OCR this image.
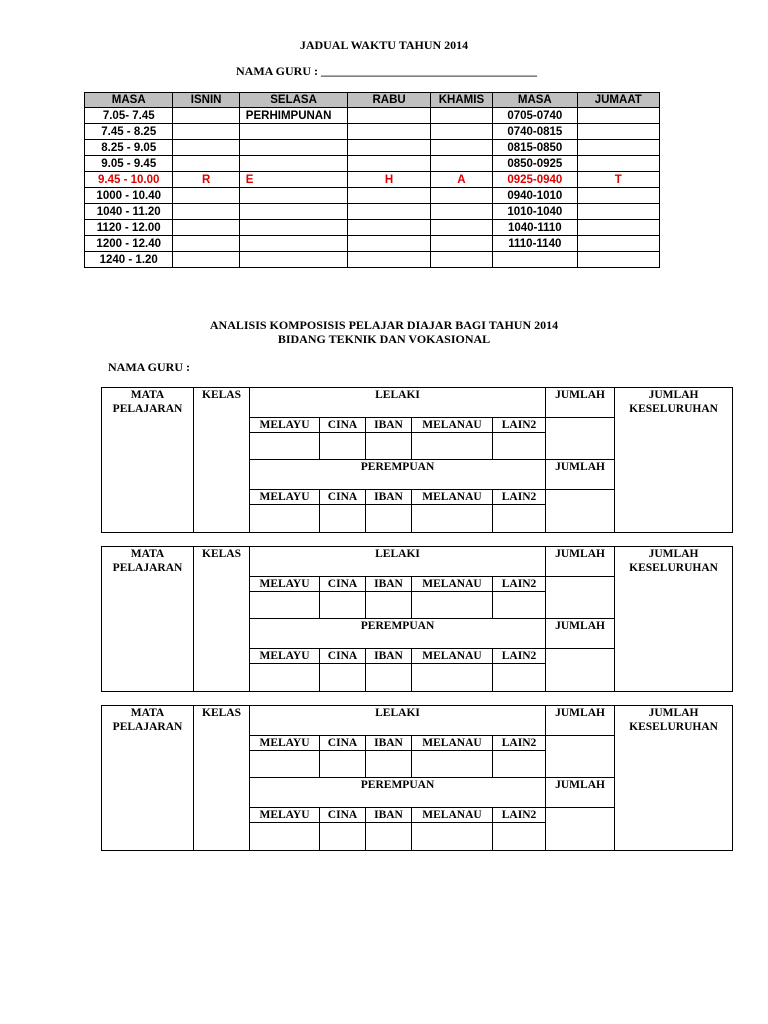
JADUAL WAKTU TAHUN 2014
NAMA GURU : ____________________________________
MASA	ISNIN	SELASA	RABU	KHAMIS	MASA	JUMAAT
7.05- 7.45		PERHIMPUNAN			0705-0740	
7.45 - 8.25					0740-0815	
8.25 - 9.05					0815-0850	
9.05 - 9.45					0850-0925	
9.45 - 10.00	R	E	H	A	0925-0940	T
1000 - 10.40					0940-1010	
1040 - 11.20					1010-1040	
1120 - 12.00					1040-1110	
1200 - 12.40					1110-1140	
1240 - 1.20						
ANALISIS KOMPOSISIS PELAJAR DIAJAR BAGI TAHUN 2014
BIDANG TEKNIK DAN VOKASIONAL
NAMA GURU :
MATA
PELAJARAN	KELAS	LELAKI					JUMLAH	JUMLAH
KESELURUHAN
		MELAYU	CINA	IBAN	MELANAU	LAIN2		

		PEREMPUAN					JUMLAH	
		MELAYU	CINA	IBAN	MELANAU	LAIN2		

MATA
PELAJARAN	KELAS	LELAKI					JUMLAH	JUMLAH
KESELURUHAN
		MELAYU	CINA	IBAN	MELANAU	LAIN2		

		PEREMPUAN					JUMLAH	
		MELAYU	CINA	IBAN	MELANAU	LAIN2		

MATA
PELAJARAN	KELAS	LELAKI					JUMLAH	JUMLAH
KESELURUHAN
		MELAYU	CINA	IBAN	MELANAU	LAIN2		

		PEREMPUAN					JUMLAH	
		MELAYU	CINA	IBAN	MELANAU	LAIN2		
